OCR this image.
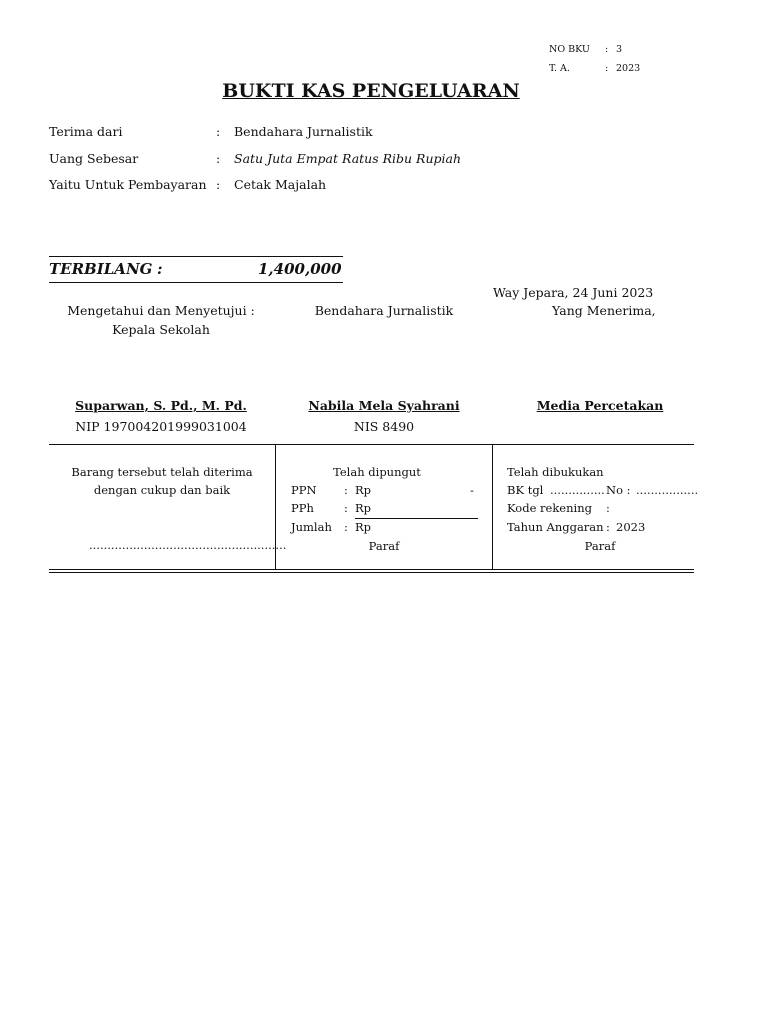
NO BKU : 3
T. A.	: 2023
BUKTI KAS PENGELUARAN
Terima dari	: Bendahara Jurnalistik
Uang Sebesar	: Satu Juta Empat Ratus Ribu Rupiah
Yaitu Untuk Pembayaran : Cetak Majalah
TERBILANG :	1,400,000
Way Jepara, 24 Juni 2023
Mengetahui dan Menyetujui :
Kepala Sekolah
Bendahara Jurnalistik	Yang Menerima,
Suparwan, S. Pd., M. Pd.
NIP 197004201999031004
Nabila Mela Syahrani
NIS 8490
Media Percetakan
Barang tersebut telah diterima
dengan cukup dan baik
......................................................
Telah dipungut
PPN : Rp	-
PPh	: Rp
Jumlah : Rp
Paraf
Telah dibukukan
BK tgl ............... No : .................
Kode rekening :
Tahun Anggaran : 2023
Paraf
